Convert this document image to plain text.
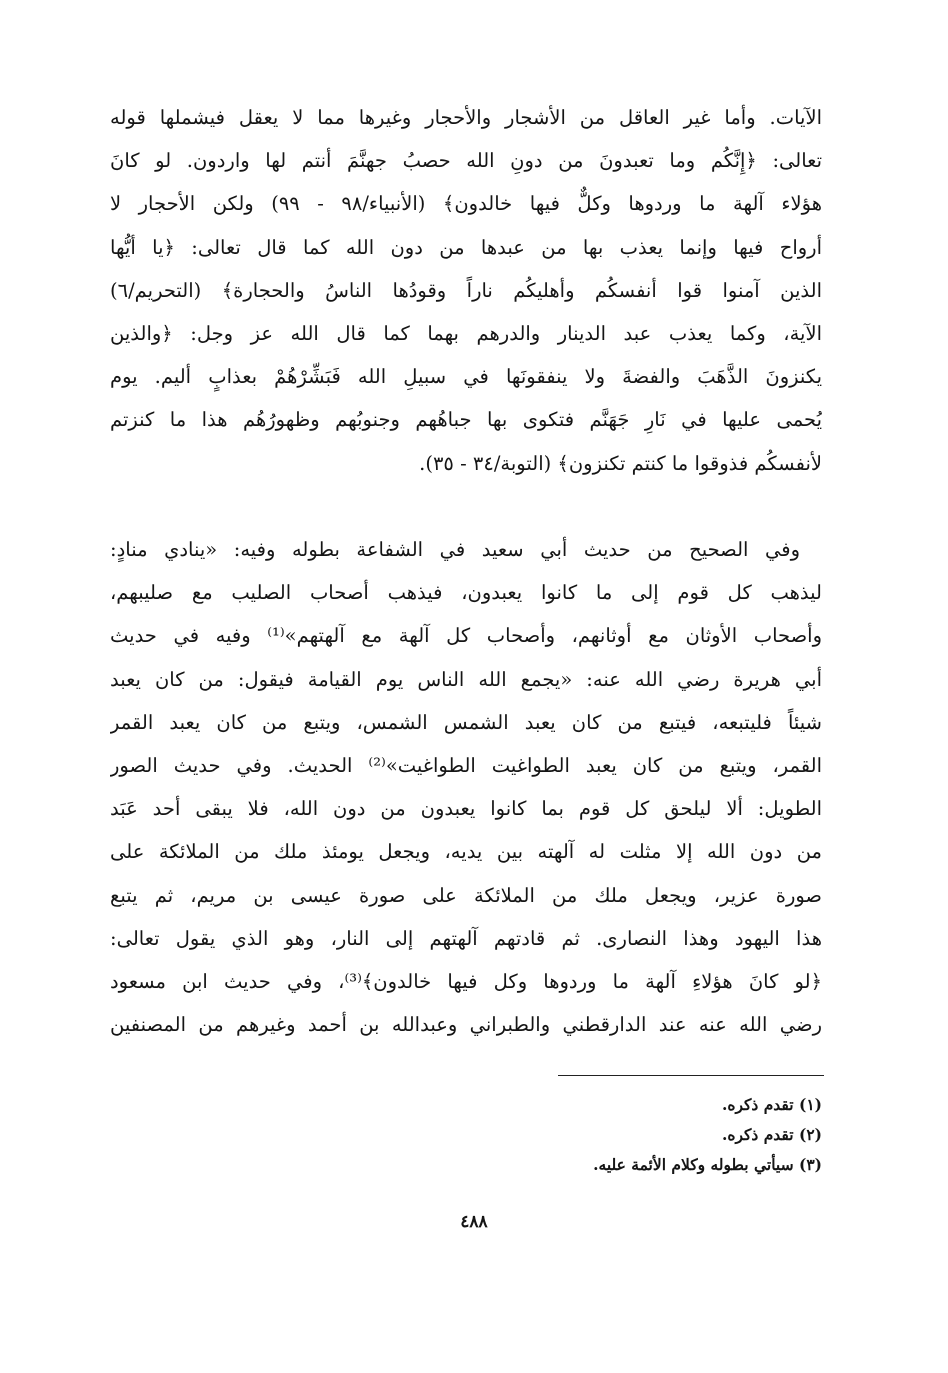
الآيات. وأما غير العاقل من الأشجار والأحجار وغيرها مما لا يعقل فيشملها قوله
تعالى: ﴿إِنَّكُم وما تعبدونَ من دونِ الله حصبُ جهنَّمَ أنتم لها واردون. لو كانَ
هؤلاء آلهة ما وردوها وكلٌّ فيها خالدون﴾ (الأنبياء/٩٨ - ٩٩) ولكن الأحجار لا
أرواح فيها وإنما يعذب بها من عبدها من دون الله كما قال تعالى: ﴿يا أيُّها
الذين آمنوا قوا أنفسكُم وأهليكُم ناراً وقودُها الناسُ والحجارة﴾ (التحريم/٦)
الآية، وكما يعذب عبد الدينار والدرهم بهما كما قال الله عز وجل: ﴿والذين
يكنزونَ الذَّهَبَ والفضةَ ولا ينفقونَها في سبيلِ الله فَبَشِّرْهُمْ بعذابٍ أليم. يوم
يُحمى عليها في نَارِ جَهَنَّم فتكوى بها جباهُهم وجنوبُهم وظهورُهُم هذا ما كنزتم
لأنفسكُم فذوقوا ما كنتم تكنزون﴾ (التوبة/٣٤ - ٣٥).
وفي الصحيح من حديث أبي سعيد في الشفاعة بطوله وفيه: «ينادي منادٍ:
ليذهب كل قوم إلى ما كانوا يعبدون، فيذهب أصحاب الصليب مع صليبهم،
وأصحاب الأوثان مع أوثانهم، وأصحاب كل آلهة مع آلهتهم»⁽¹⁾ وفيه في حديث
أبي هريرة رضي الله عنه: «يجمع الله الناس يوم القيامة فيقول: من كان يعبد
شيئاً فليتبعه، فيتبع من كان يعبد الشمس الشمس، ويتبع من كان يعبد القمر
القمر، ويتبع من كان يعبد الطواغيت الطواغيت»⁽²⁾ الحديث. وفي حديث الصور
الطويل: ألا ليلحق كل قوم بما كانوا يعبدون من دون الله، فلا يبقى أحد عَبَد
من دون الله إلا مثلت له آلهته بين يديه، ويجعل يومئذ ملك من الملائكة على
صورة عزير، ويجعل ملك من الملائكة على صورة عيسى بن مريم، ثم يتبع
هذا اليهود وهذا النصارى. ثم قادتهم آلهتهم إلى النار، وهو الذي يقول تعالى:
﴿لو كانَ هؤلاءِ آلهة ما وردوها وكل فيها خالدون﴾⁽³⁾، وفي حديث ابن مسعود
رضي الله عنه عند الدارقطني والطبراني وعبدالله بن أحمد وغيرهم من المصنفين
(١) تقدم ذكره.
(٢) تقدم ذكره.
(٣) سيأتي بطوله وكلام الأئمة عليه.
٤٨٨
